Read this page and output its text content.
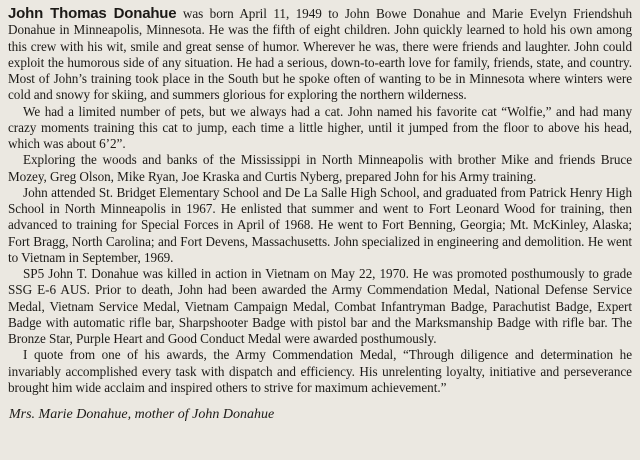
John Thomas Donahue was born April 11, 1949 to John Bowe Donahue and Marie Evelyn Friendshuh Donahue in Minneapolis, Minnesota. He was the fifth of eight children. John quickly learned to hold his own among this crew with his wit, smile and great sense of humor. Wherever he was, there were friends and laughter. John could exploit the humorous side of any situation. He had a serious, down-to-earth love for family, friends, state, and country. Most of John’s training took place in the South but he spoke often of wanting to be in Minnesota where winters were cold and snowy for skiing, and summers glorious for exploring the northern wilderness.

We had a limited number of pets, but we always had a cat. John named his favorite cat “Wolfie,” and had many crazy moments training this cat to jump, each time a little higher, until it jumped from the floor to above his head, which was about 6’2”.

Exploring the woods and banks of the Mississippi in North Minneapolis with brother Mike and friends Bruce Mozey, Greg Olson, Mike Ryan, Joe Kraska and Curtis Nyberg, prepared John for his Army training.

John attended St. Bridget Elementary School and De La Salle High School, and graduated from Patrick Henry High School in North Minneapolis in 1967. He enlisted that summer and went to Fort Leonard Wood for training, then advanced to training for Special Forces in April of 1968. He went to Fort Benning, Georgia; Mt. McKinley, Alaska; Fort Bragg, North Carolina; and Fort Devens, Massachusetts. John specialized in engineering and demolition. He went to Vietnam in September, 1969.

SP5 John T. Donahue was killed in action in Vietnam on May 22, 1970. He was promoted posthumously to grade SSG E-6 AUS. Prior to death, John had been awarded the Army Commendation Medal, National Defense Service Medal, Vietnam Service Medal, Vietnam Campaign Medal, Combat Infantryman Badge, Parachutist Badge, Expert Badge with automatic rifle bar, Sharpshooter Badge with pistol bar and the Marksmanship Badge with rifle bar. The Bronze Star, Purple Heart and Good Conduct Medal were awarded posthumously.

I quote from one of his awards, the Army Commendation Medal, “Through diligence and determination he invariably accomplished every task with dispatch and efficiency. His unrelenting loyalty, initiative and perseverance brought him wide acclaim and inspired others to strive for maximum achievement.”

Mrs. Marie Donahue, mother of John Donahue
